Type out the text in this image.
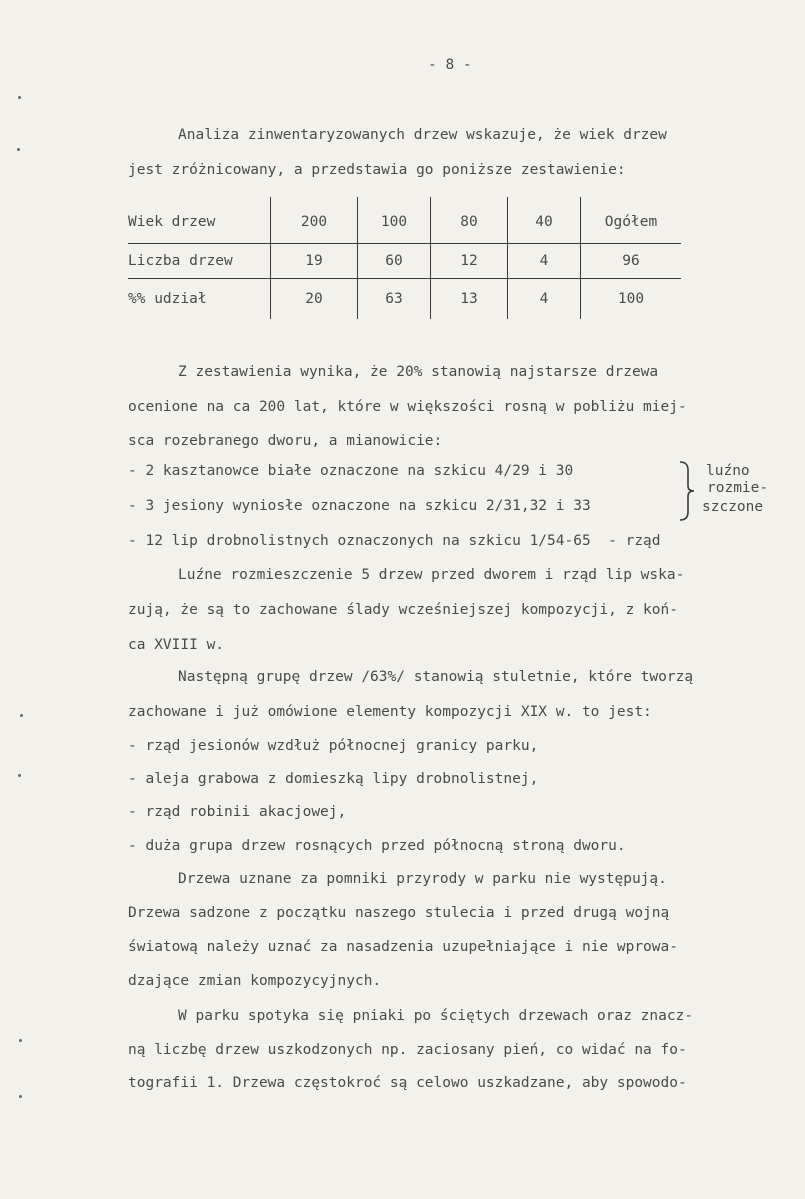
- 8 -
Analiza zinwentaryzowanych drzew wskazuje, że wiek drzew
jest zróżnicowany, a przedstawia go poniższe zestawienie:
Wiek drzew	200	100	80	40	Ogółem
Liczba drzew	19	60	12	4	96
%% udział	20	63	13	4	100
Z zestawienia wynika, że 20% stanowią najstarsze drzewa
ocenione na ca 200 lat, które w większości rosną w pobliżu miej-
sca rozebranego dworu, a mianowicie:
- 2 kasztanowce białe oznaczone na szkicu 4/29 i 30
- 3 jesiony wyniosłe oznaczone na szkicu 2/31,32 i 33
- 12 lip drobnolistnych oznaczonych na szkicu 1/54-65  - rząd
luźno
rozmie-
szczone
Luźne rozmieszczenie 5 drzew przed dworem i rząd lip wska-
zują, że są to zachowane ślady wcześniejszej kompozycji, z koń-
ca XVIII w.
Następną grupę drzew /63%/ stanowią stuletnie, które tworzą
zachowane i już omówione elementy kompozycji XIX w. to jest:
- rząd jesionów wzdłuż północnej granicy parku,
- aleja grabowa z domieszką lipy drobnolistnej,
- rząd robinii akacjowej,
- duża grupa drzew rosnących przed północną stroną dworu.
Drzewa uznane za pomniki przyrody w parku nie występują.
Drzewa sadzone z początku naszego stulecia i przed drugą wojną
światową należy uznać za nasadzenia uzupełniające i nie wprowa-
dzające zmian kompozycyjnych.
W parku spotyka się pniaki po ściętych drzewach oraz znacz-
ną liczbę drzew uszkodzonych np. zaciosany pień, co widać na fo-
tografii 1. Drzewa częstokroć są celowo uszkadzane, aby spowodo-
